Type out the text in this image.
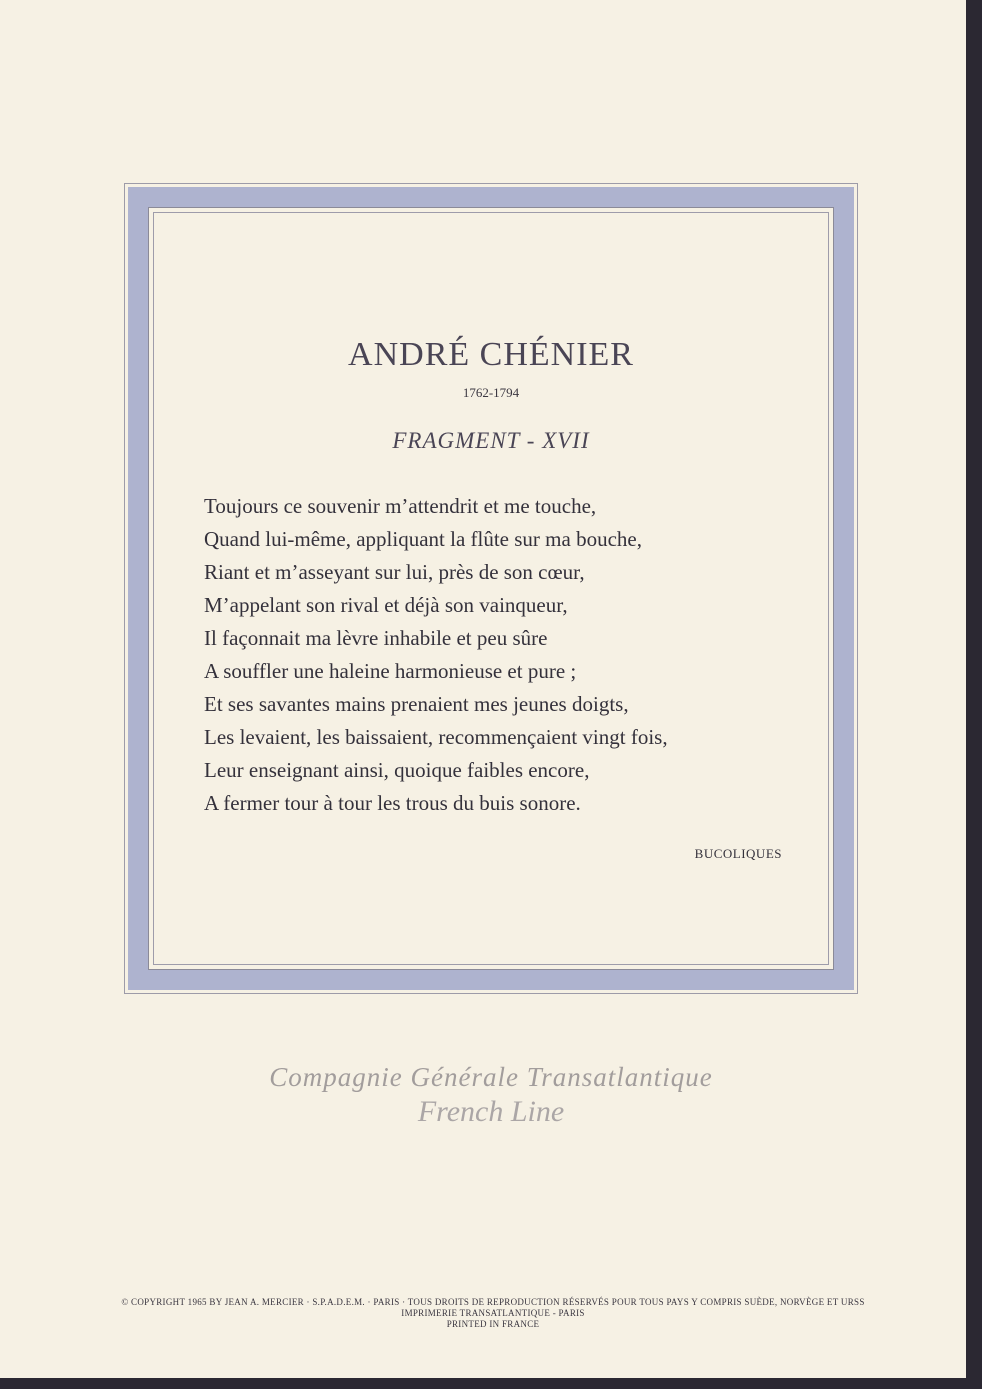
ANDRÉ CHÉNIER
1762-1794
FRAGMENT - XVII
Toujours ce souvenir m’attendrit et me touche,
Quand lui-même, appliquant la flûte sur ma bouche,
Riant et m’asseyant sur lui, près de son cœur,
M’appelant son rival et déjà son vainqueur,
Il façonnait ma lèvre inhabile et peu sûre
A souffler une haleine harmonieuse et pure ;
Et ses savantes mains prenaient mes jeunes doigts,
Les levaient, les baissaient, recommençaient vingt fois,
Leur enseignant ainsi, quoique faibles encore,
A fermer tour à tour les trous du buis sonore.
BUCOLIQUES
Compagnie Générale Transatlantique
French Line
© COPYRIGHT 1965 BY JEAN A. MERCIER · S.P.A.D.E.M. · PARIS · TOUS DROITS DE REPRODUCTION RÉSERVÉS POUR TOUS PAYS Y COMPRIS SUÈDE, NORVÈGE ET URSS
IMPRIMERIE TRANSATLANTIQUE - PARIS
PRINTED IN FRANCE
